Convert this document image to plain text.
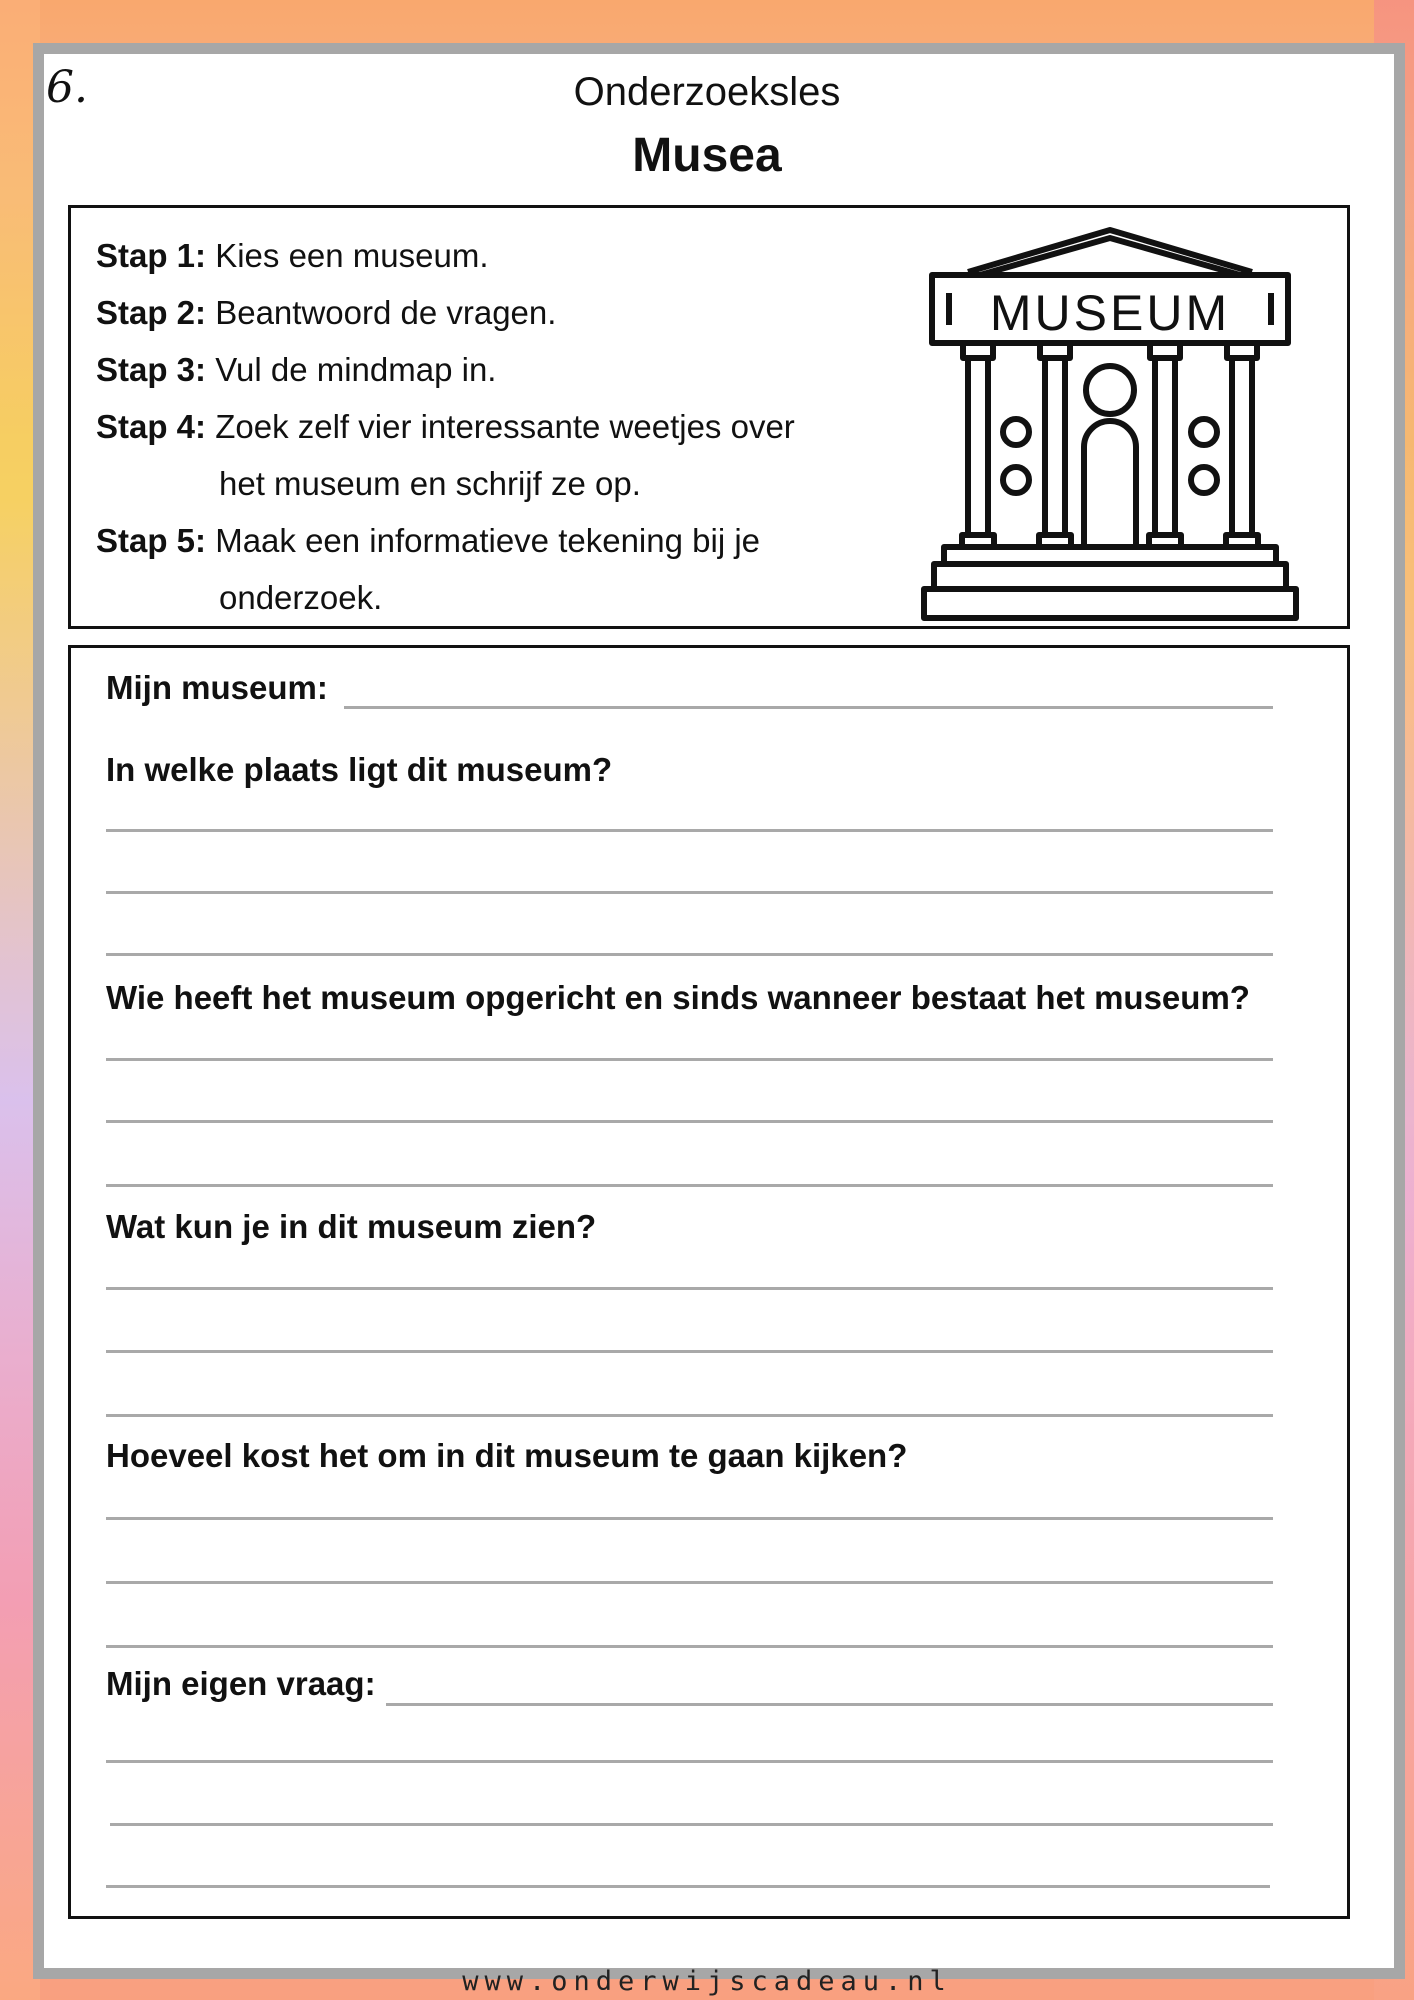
6.	Onderzoeksles
Musea
Stap 1: Kies een museum.
Stap 2: Beantwoord de vragen.
Stap 3: Vul de mindmap in.
Stap 4: Zoek zelf vier interessante weetjes over
het museum en schrijf ze op.
Stap 5: Maak een informatieve tekening bij je
onderzoek.
MUSEUM
Mijn museum:
In welke plaats ligt dit museum?
Wie heeft het museum opgericht en sinds wanneer bestaat het museum?
Wat kun je in dit museum zien?
Hoeveel kost het om in dit museum te gaan kijken?
Mijn eigen vraag:
www.onderwijscadeau.nl
